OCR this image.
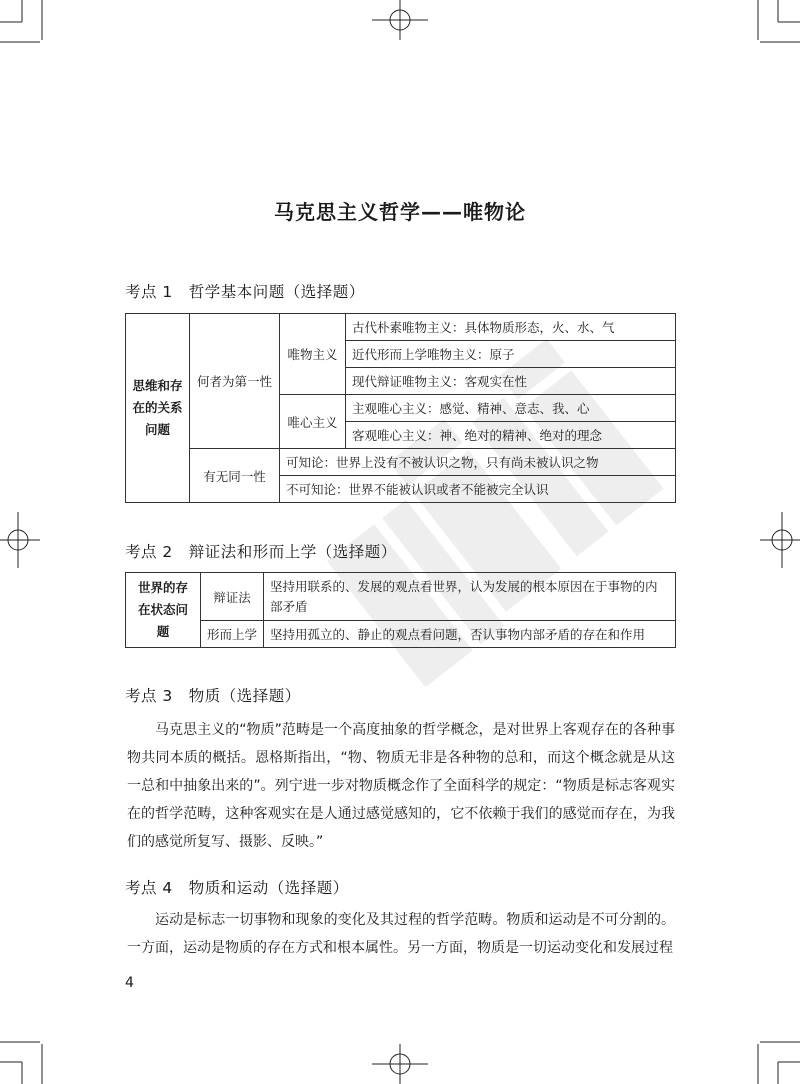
马克思主义哲学——唯物论
考点 1　哲学基本问题（选择题）
思维和存在的关系问题	何者为第一性	唯物主义	古代朴素唯物主义：具体物质形态，火、水、气
			近代形而上学唯物主义：原子
			现代辩证唯物主义：客观实在性
		唯心主义	主观唯心主义：感觉、精神、意志、我、心
			客观唯心主义：神、绝对的精神、绝对的理念
	有无同一性	可知论：世界上没有不被认识之物，只有尚未被认识之物	
		不可知论：世界不能被认识或者不能被完全认识	
考点 2　辩证法和形而上学（选择题）
世界的存在状态问题	辩证法	坚持用联系的、发展的观点看世界，认为发展的根本原因在于事物的内部矛盾
	形而上学	坚持用孤立的、静止的观点看问题，否认事物内部矛盾的存在和作用
考点 3　物质（选择题）

马克思主义的“物质”范畴是一个高度抽象的哲学概念，是对世界上客观存在的各种事物共同本质的概括。恩格斯指出，“物、物质无非是各种物的总和，而这个概念就是从这一总和中抽象出来的”。列宁进一步对物质概念作了全面科学的规定：“物质是标志客观实在的哲学范畴，这种客观实在是人通过感觉感知的，它不依赖于我们的感觉而存在，为我们的感觉所复写、摄影、反映。”

考点 4　物质和运动（选择题）

运动是标志一切事物和现象的变化及其过程的哲学范畴。物质和运动是不可分割的。一方面，运动是物质的存在方式和根本属性。另一方面，物质是一切运动变化和发展过程

4
